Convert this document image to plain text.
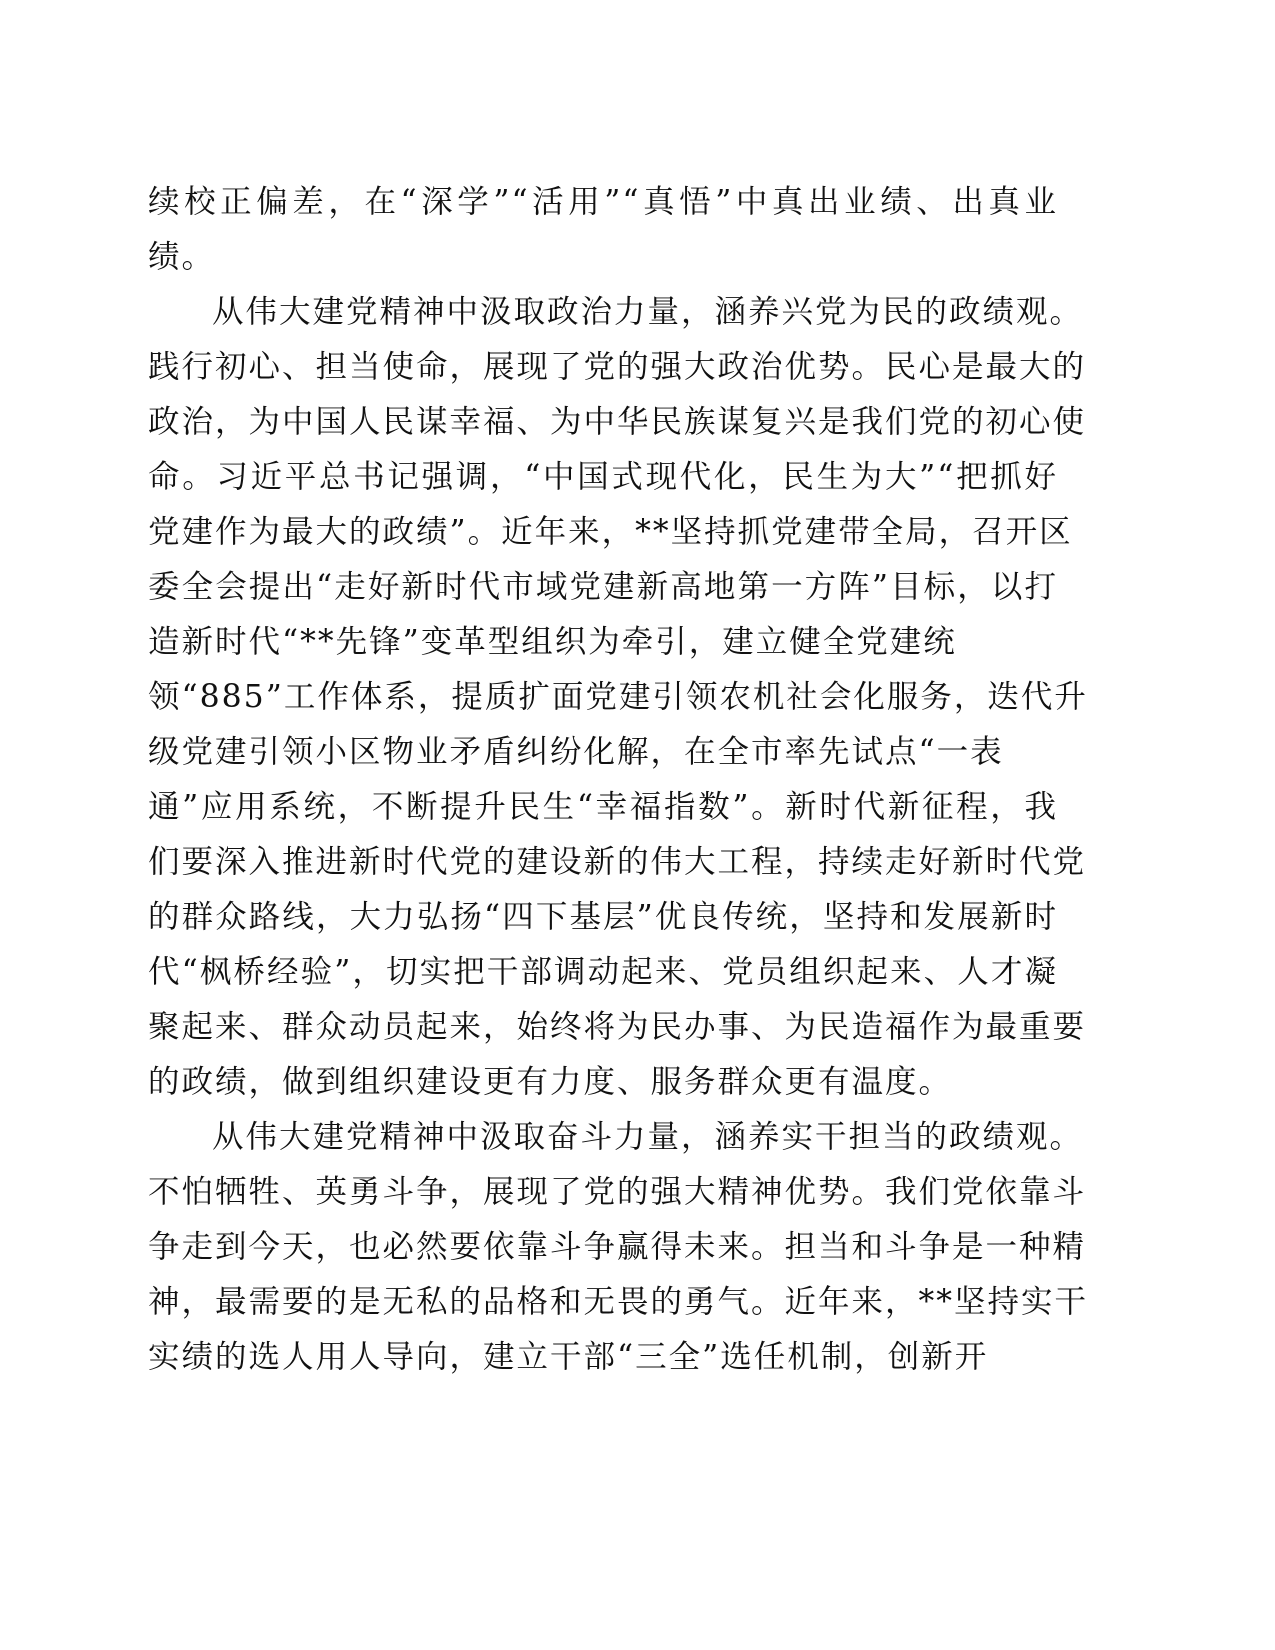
续校正偏差，在“深学”“活用”“真悟”中真出业绩、出真业
绩。
从伟大建党精神中汲取政治力量，涵养兴党为民的政绩观。
践行初心、担当使命，展现了党的强大政治优势。民心是最大的
政治，为中国人民谋幸福、为中华民族谋复兴是我们党的初心使
命。习近平总书记强调，“中国式现代化，民生为大”“把抓好
党建作为最大的政绩”。近年来，**坚持抓党建带全局，召开区
委全会提出“走好新时代市域党建新高地第一方阵”目标，以打
造新时代“**先锋”变革型组织为牵引，建立健全党建统
领“885”工作体系，提质扩面党建引领农机社会化服务，迭代升
级党建引领小区物业矛盾纠纷化解，在全市率先试点“一表
通”应用系统，不断提升民生“幸福指数”。新时代新征程，我
们要深入推进新时代党的建设新的伟大工程，持续走好新时代党
的群众路线，大力弘扬“四下基层”优良传统，坚持和发展新时
代“枫桥经验”，切实把干部调动起来、党员组织起来、人才凝
聚起来、群众动员起来，始终将为民办事、为民造福作为最重要
的政绩，做到组织建设更有力度、服务群众更有温度。
从伟大建党精神中汲取奋斗力量，涵养实干担当的政绩观。
不怕牺牲、英勇斗争，展现了党的强大精神优势。我们党依靠斗
争走到今天，也必然要依靠斗争赢得未来。担当和斗争是一种精
神，最需要的是无私的品格和无畏的勇气。近年来，**坚持实干
实绩的选人用人导向，建立干部“三全”选任机制，创新开
